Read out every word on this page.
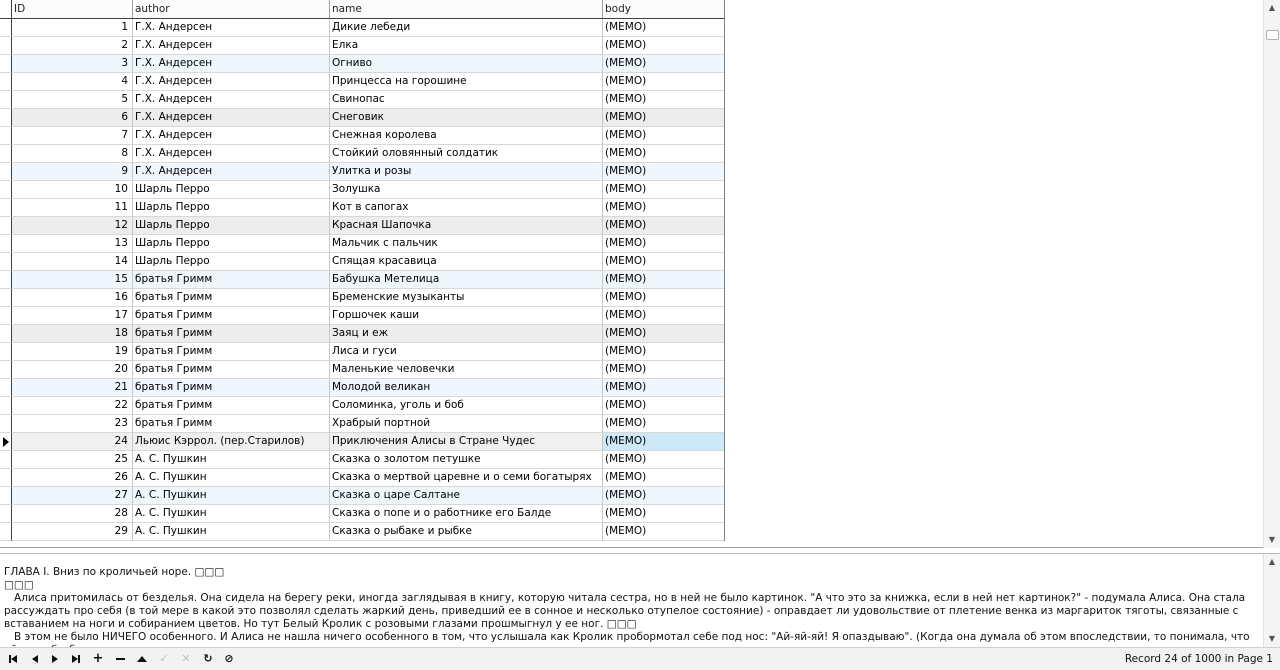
ID	author	name	body
1 Г.Х. Андерсен	Дикие лебеди	(MEMO)
2 Г.Х. Андерсен	Елка	(MEMO)
3 Г.Х. Андерсен	Огниво	(MEMO)
4 Г.Х. Андерсен	Принцесса на горошине	(MEMO)
5 Г.Х. Андерсен	Свинопас	(MEMO)
6 Г.Х. Андерсен	Снеговик	(MEMO)
7 Г.Х. Андерсен	Снежная королева	(MEMO)
8 Г.Х. Андерсен	Стойкий оловянный солдатик	(MEMO)
9 Г.Х. Андерсен	Улитка и розы	(MEMO)
10 Шарль Перро	Золушка	(MEMO)
11 Шарль Перро	Кот в сапогах	(MEMO)
12 Шарль Перро	Красная Шапочка	(MEMO)
13 Шарль Перро	Мальчик с пальчик	(MEMO)
14 Шарль Перро	Спящая красавица	(MEMO)
15 братья Гримм	Бабушка Метелица	(MEMO)
16 братья Гримм	Бременские музыканты	(MEMO)
17 братья Гримм	Горшочек каши	(MEMO)
18 братья Гримм	Заяц и еж	(MEMO)
19 братья Гримм	Лиса и гуси	(MEMO)
20 братья Гримм	Маленькие человечки	(MEMO)
21 братья Гримм	Молодой великан	(MEMO)
22 братья Гримм	Соломинка, уголь и боб	(MEMO)
23 братья Гримм	Храбрый портной	(MEMO)
24 Льюис Кэррол. (пер.Старилов)	Приключения Алисы в Стране Чудес	(MEMO)
25 А. С. Пушкин	Сказка о золотом петушке	(MEMO)
26 А. С. Пушкин	Сказка о мертвой царевне и о семи богатырях	(MEMO)
27 А. С. Пушкин	Сказка о царе Салтане	(MEMO)
28 А. С. Пушкин	Сказка о попе и о работнике его Балде	(MEMO)
29 А. С. Пушкин	Сказка о рыбаке и рыбке	(MEMO)
▲
▼

ГЛАВА I. Вниз по кроличьей норе. □□□

□□□

Алиса притомилась от безделья. Она сидела на берегу реки, иногда заглядывая в книгу, которую читала сестра, но в ней не было картинок. "А что это за книжка, если в ней нет картинок?" - подумала Алиса. Она стала рассуждать про себя (в той мере в какой это позволял сделать жаркий день, приведший ее в сонное и несколько отупелое состояние) - оправдает ли удовольствие от плетение венка из маргариток тяготы, связанные с вставанием на ноги и собиранием цветов. Но тут Белый Кролик с розовыми глазами прошмыгнул у ее ног. □□□

В этом не было НИЧЕГО особенного. И Алиса не нашла ничего особенного в том, что услышала как Кролик пробормотал себе под нос: "Ай-яй-яй! Я опаздываю". (Когда она думала об этом впоследствии, то понимала, что

▲
▼
+	✓ ✕ ↻ ⊘	Record 24 of 1000 in Page 1
